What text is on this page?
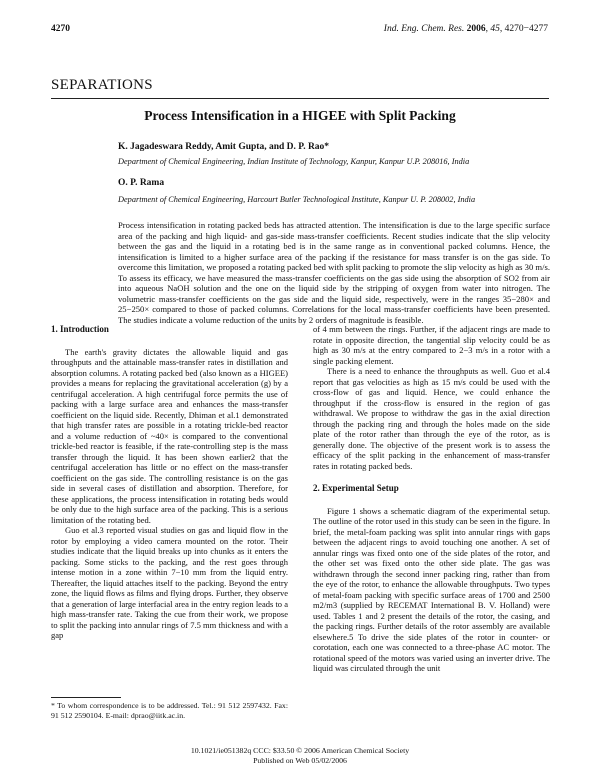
4270	Ind. Eng. Chem. Res. 2006, 45, 4270−4277
SEPARATIONS
Process Intensification in a HIGEE with Split Packing
K. Jagadeswara Reddy, Amit Gupta, and D. P. Rao*
Department of Chemical Engineering, Indian Institute of Technology, Kanpur, Kanpur U.P. 208016, India
O. P. Rama
Department of Chemical Engineering, Harcourt Butler Technological Institute, Kanpur U. P. 208002, India
Process intensification in rotating packed beds has attracted attention. The intensification is due to the large specific surface area of the packing and high liquid- and gas-side mass-transfer coefficients. Recent studies indicate that the slip velocity between the gas and the liquid in a rotating bed is in the same range as in conventional packed columns. Hence, the intensification is limited to a higher surface area of the packing if the resistance for mass transfer is on the gas side. To overcome this limitation, we proposed a rotating packed bed with split packing to promote the slip velocity as high as 30 m/s. To assess its efficacy, we have measured the mass-transfer coefficients on the gas side using the absorption of SO2 from air into aqueous NaOH solution and the one on the liquid side by the stripping of oxygen from water into nitrogen. The volumetric mass-transfer coefficients on the gas side and the liquid side, respectively, were in the ranges 35−280× and 25−250× compared to those of packed columns. Correlations for the local mass-transfer coefficients have been presented. The studies indicate a volume reduction of the units by 2 orders of magnitude is feasible.
1. Introduction

The earth's gravity dictates the allowable liquid and gas throughputs and the attainable mass-transfer rates in distillation and absorption columns. A rotating packed bed (also known as a HIGEE) provides a means for replacing the gravitational acceleration (g) by a centrifugal acceleration. A high centrifugal force permits the use of packing with a large surface area and enhances the mass-transfer coefficient on the liquid side. Recently, Dhiman et al.1 demonstrated that high transfer rates are possible in a rotating trickle-bed reactor and a volume reduction of ~40× is compared to the conventional trickle-bed reactor is feasible, if the rate-controlling step is the mass transfer through the liquid. It has been shown earlier2 that the centrifugal acceleration has little or no effect on the mass-transfer coefficient on the gas side. The controlling resistance is on the gas side in several cases of distillation and absorption. Therefore, for these applications, the process intensification in rotating beds would be only due to the high surface area of the packing. This is a serious limitation of the rotating bed.

Guo et al.3 reported visual studies on gas and liquid flow in the rotor by employing a video camera mounted on the rotor. Their studies indicate that the liquid breaks up into chunks as it enters the packing. Some sticks to the packing, and the rest goes through intense motion in a zone within 7−10 mm from the liquid entry. Thereafter, the liquid attaches itself to the packing. Beyond the entry zone, the liquid flows as films and flying drops. Further, they observe that a generation of large interfacial area in the entry region leads to a high mass-transfer rate. Taking the cue from their work, we propose to split the packing into annular rings of 7.5 mm thickness and with a gap

of 4 mm between the rings. Further, if the adjacent rings are made to rotate in opposite direction, the tangential slip velocity could be as high as 30 m/s at the entry compared to 2−3 m/s in a rotor with a single packing element.

There is a need to enhance the throughputs as well. Guo et al.4 report that gas velocities as high as 15 m/s could be used with the cross-flow of gas and liquid. Hence, we could enhance the throughput if the cross-flow is ensured in the region of gas withdrawal. We propose to withdraw the gas in the axial direction through the packing ring and through the holes made on the side plate of the rotor rather than through the eye of the rotor, as is generally done. The objective of the present work is to assess the efficacy of the split packing in the enhancement of mass-transfer rates in rotating packed beds.

2. Experimental Setup

Figure 1 shows a schematic diagram of the experimental setup. The outline of the rotor used in this study can be seen in the figure. In brief, the metal-foam packing was split into annular rings with gaps between the adjacent rings to avoid touching one another. A set of annular rings was fixed onto one of the side plates of the rotor, and the other set was fixed onto the other side plate. The gas was withdrawn through the second inner packing ring, rather than from the eye of the rotor, to enhance the allowable throughputs. Two types of metal-foam packing with specific surface areas of 1700 and 2500 m2/m3 (supplied by RECEMAT International B. V. Holland) were used. Tables 1 and 2 present the details of the rotor, the casing, and the packing rings. Further details of the rotor assembly are available elsewhere.5 To drive the side plates of the rotor in counter- or corotation, each one was connected to a three-phase AC motor. The rotational speed of the motors was varied using an inverter drive. The liquid was circulated through the unit

* To whom correspondence is to be addressed. Tel.: 91 512 2597432. Fax: 91 512 2590104. E-mail: dprao@iitk.ac.in.
10.1021/ie051382q CCC: $33.50 © 2006 American Chemical Society
Published on Web 05/02/2006
